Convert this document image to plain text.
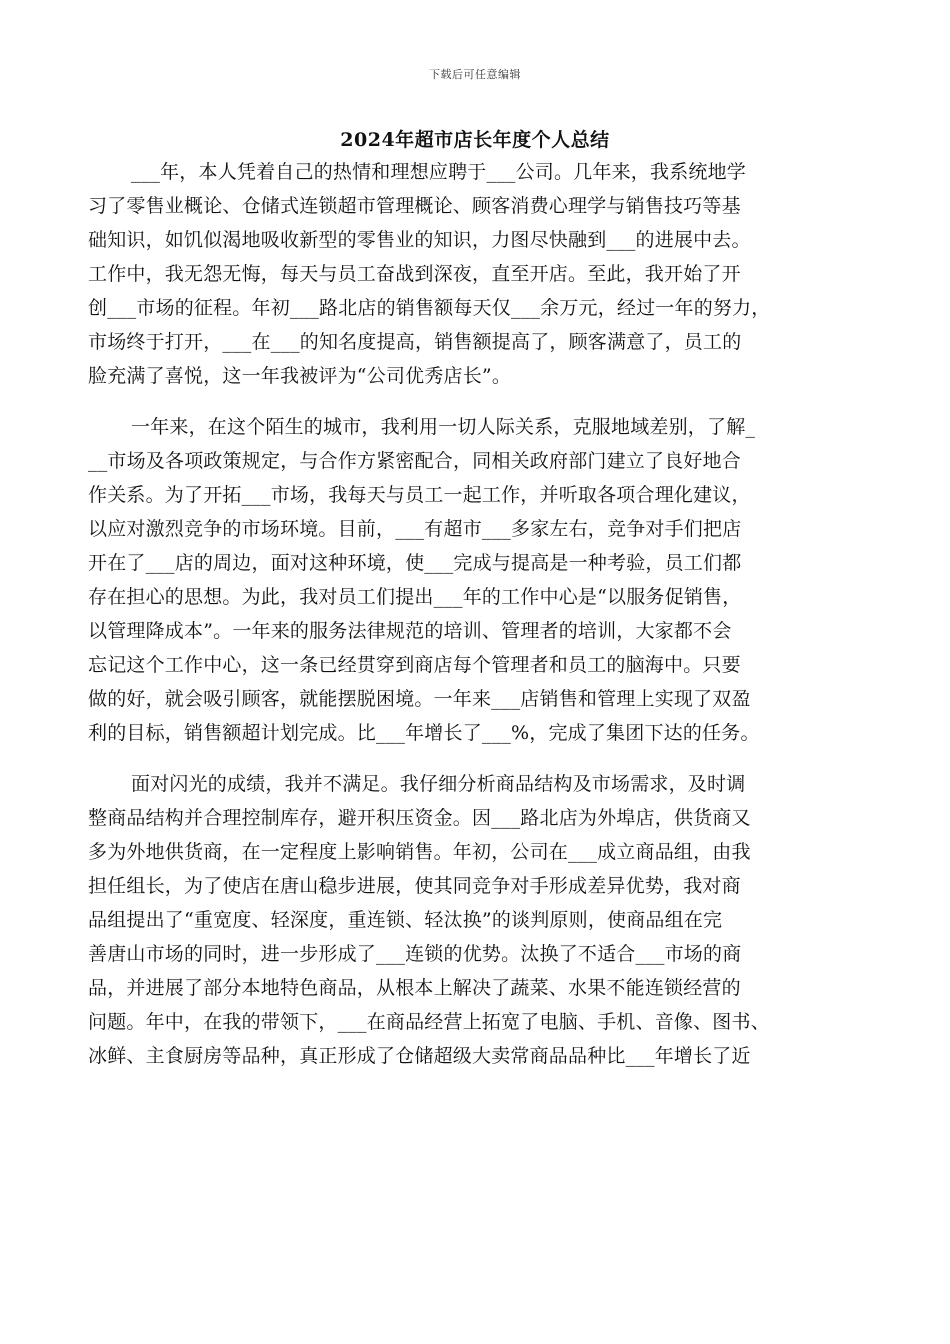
下载后可任意编辑
2024年超市店长年度个人总结
___年，本人凭着自己的热情和理想应聘于___公司。几年来，我系统地学
习了零售业概论、仓储式连锁超市管理概论、顾客消费心理学与销售技巧等基
础知识，如饥似渴地吸收新型的零售业的知识，力图尽快融到___的进展中去。
工作中，我无怨无悔，每天与员工奋战到深夜，直至开店。至此，我开始了开
创___市场的征程。年初___路北店的销售额每天仅___余万元，经过一年的努力，
市场终于打开，___在___的知名度提高，销售额提高了，顾客满意了，员工的
脸充满了喜悦，这一年我被评为“公司优秀店长”。
一年来，在这个陌生的城市，我利用一切人际关系，克服地域差别，了解_
__市场及各项政策规定，与合作方紧密配合，同相关政府部门建立了良好地合
作关系。为了开拓___市场，我每天与员工一起工作，并听取各项合理化建议，
以应对激烈竞争的市场环境。目前，___有超市___多家左右，竞争对手们把店
开在了___店的周边，面对这种环境，使___完成与提高是一种考验，员工们都
存在担心的思想。为此，我对员工们提出___年的工作中心是“以服务促销售，
以管理降成本”。一年来的服务法律规范的培训、管理者的培训，大家都不会
忘记这个工作中心，这一条已经贯穿到商店每个管理者和员工的脑海中。只要
做的好，就会吸引顾客，就能摆脱困境。一年来___店销售和管理上实现了双盈
利的目标，销售额超计划完成。比___年增长了___%，完成了集团下达的任务。
面对闪光的成绩，我并不满足。我仔细分析商品结构及市场需求，及时调
整商品结构并合理控制库存，避开积压资金。因___路北店为外埠店，供货商又
多为外地供货商，在一定程度上影响销售。年初，公司在___成立商品组，由我
担任组长，为了使店在唐山稳步进展，使其同竞争对手形成差异优势，我对商
品组提出了“重宽度、轻深度，重连锁、轻汰换”的谈判原则，使商品组在完
善唐山市场的同时，进一步形成了___连锁的优势。汰换了不适合___市场的商
品，并进展了部分本地特色商品，从根本上解决了蔬菜、水果不能连锁经营的
问题。年中，在我的带领下，___在商品经营上拓宽了电脑、手机、音像、图书、
冰鲜、主食厨房等品种，真正形成了仓储超级大卖常商品品种比___年增长了近
